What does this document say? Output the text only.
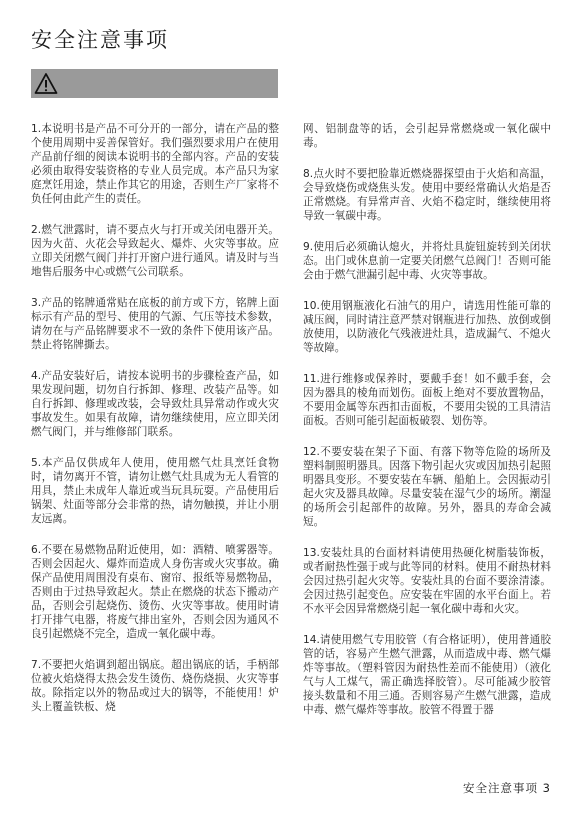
安全注意事项

1.本说明书是产品不可分开的一部分，请在产品的整个使用周期中妥善保管好。我们强烈要求用户在使用产品前仔细的阅读本说明书的全部内容。产品的安装必须由取得安装资格的专业人员完成。本产品只为家庭烹饪用途，禁止作其它的用途，否则生产厂家将不负任何由此产生的责任。

2.燃气泄露时，请不要点火与打开或关闭电器开关。因为火苗、火花会导致起火、爆炸、火灾等事故。应立即关闭燃气阀门并打开窗户进行通风。请及时与当地售后服务中心或燃气公司联系。

3.产品的铭牌通常贴在底板的前方或下方，铭牌上面标示有产品的型号、使用的气源、气压等技术参数，请勿在与产品铭牌要求不一致的条件下使用该产品。禁止将铭牌撕去。

4.产品安装好后，请按本说明书的步骤检查产品，如果发现问题，切勿自行拆卸、修理、改装产品等。如自行拆卸、修理或改装，会导致灶具异常动作或火灾事故发生。如果有故障，请勿继续使用，应立即关闭燃气阀门，并与维修部门联系。

5.本产品仅供成年人使用，使用燃气灶具烹饪食物时，请勿离开不管，请勿让燃气灶具成为无人看管的用具，禁止未成年人靠近或当玩具玩耍。产品使用后锅架、灶面等部分会非常的热，请勿触摸，并让小朋友远离。

6.不要在易燃物品附近使用，如：酒精、喷雾器等。否则会因起火、爆炸而造成人身伤害或火灾事故。确保产品使用周围没有桌布、窗帘、报纸等易燃物品，否则由于过热导致起火。禁止在燃烧的状态下搬动产品，否则会引起烧伤、烫伤、火灾等事故。使用时请打开排气电器，将废气排出室外，否则会因为通风不良引起燃烧不完全，造成一氧化碳中毒。

7.不要把火焰调到超出锅底。超出锅底的话，手柄部位被火焰烧得太热会发生烫伤、烧伤烧损、火灾等事故。除指定以外的物品或过大的锅等，不能使用！炉头上覆盖铁板、烧

网、铝制盘等的话，会引起异常燃烧或一氧化碳中毒。

8.点火时不要把脸靠近燃烧器探望由于火焰和高温，会导致烧伤或烧焦头发。使用中要经常确认火焰是否正常燃烧。有异常声音、火焰不稳定时，继续使用将导致一氧碳中毒。

9.使用后必须确认熄火，并将灶具旋钮旋转到关闭状态。出门或休息前一定要关闭燃气总阀门！否则可能会由于燃气泄漏引起中毒、火灾等事故。

10.使用钢瓶液化石油气的用户，请选用性能可靠的减压阀，同时请注意严禁对钢瓶进行加热、放倒或倒放使用，以防液化气残液进灶具，造成漏气、不熄火等故障。

11.进行维修或保养时，要戴手套！如不戴手套，会因为器具的棱角而划伤。面板上绝对不要放置物品，不要用金属等东西扣击面板，不要用尖锐的工具清洁面板。否则可能引起面板破裂、划伤等。

12.不要安装在架子下面、有落下物等危险的场所及塑料制照明器具。因落下物引起火灾或因加热引起照明器具变形。不要安装在车辆、船舶上。会因振动引起火灾及器具故障。尽量安装在湿气少的场所。潮湿的场所会引起部件的故障。另外，器具的寿命会减短。

13.安装灶具的台面材料请使用热硬化树脂装饰板，或者耐热性强于或与此等同的材料。使用不耐热材料会因过热引起火灾等。安装灶具的台面不要涂清漆。会因过热引起变色。应安装在牢固的水平台面上。若不水平会因异常燃烧引起一氧化碳中毒和火灾。

14.请使用燃气专用胶管（有合格证明），使用普通胶管的话，容易产生燃气泄露，从而造成中毒、燃气爆炸等事故。（塑料管因为耐热性差而不能使用）（液化气与人工煤气，需正确选择胶管）。尽可能减少胶管接头数量和不用三通。否则容易产生燃气泄露，造成中毒、燃气爆炸等事故。胶管不得置于器

安全注意事项 3
